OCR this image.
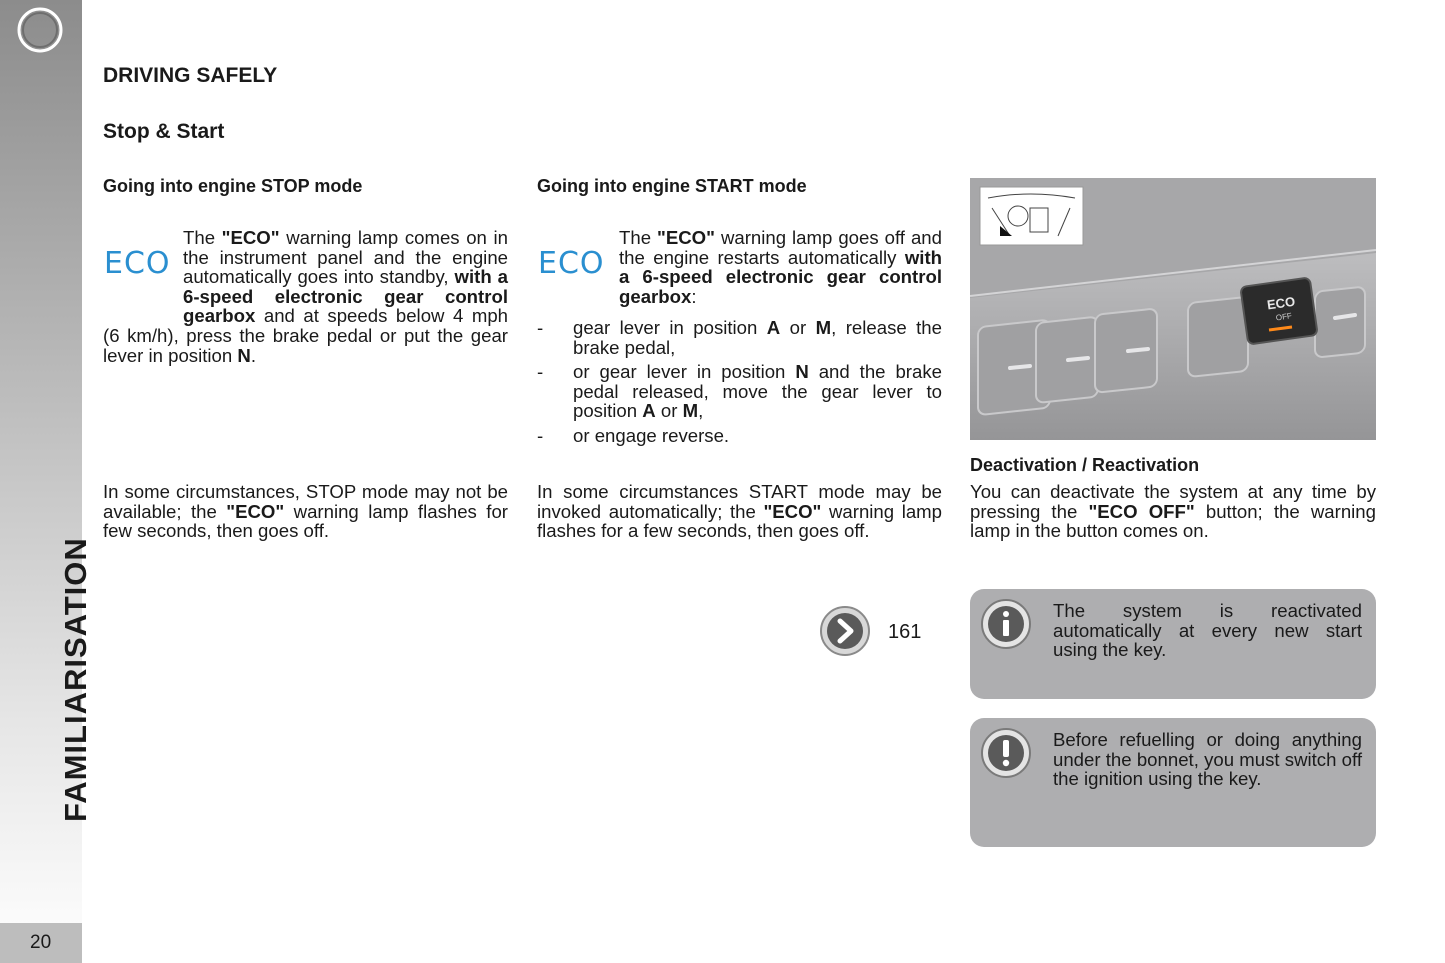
FAMILIARISATION
20
DRIVING SAFELY
Stop & Start
Going into engine STOP mode
ECO
The "ECO" warning lamp comes on in the instrument panel and the engine automatically goes into standby, with a 6-speed electronic gear control gearbox and at speeds below 4 mph (6 km/h), press the brake pedal or put the gear lever in position N.
In some circumstances, STOP mode may not be available; the "ECO" warning lamp flashes for few seconds, then goes off.
Going into engine START mode
ECO
The "ECO" warning lamp goes off and the engine restarts automatically with a 6-speed electronic gear control gearbox:
- gear lever in position A or M, release the brake pedal,
- or gear lever in position N and the brake pedal released, move the gear lever to position A or M,
- or engage reverse.
In some circumstances START mode may be invoked automatically; the "ECO" warning lamp flashes for a few seconds, then goes off.
161
ECO
OFF
Deactivation / Reactivation
You can deactivate the system at any time by pressing the "ECO OFF" button; the warning lamp in the button comes on.
The system is reactivated automatically at every new start using the key.
Before refuelling or doing anything under the bonnet, you must switch off the ignition using the key.
